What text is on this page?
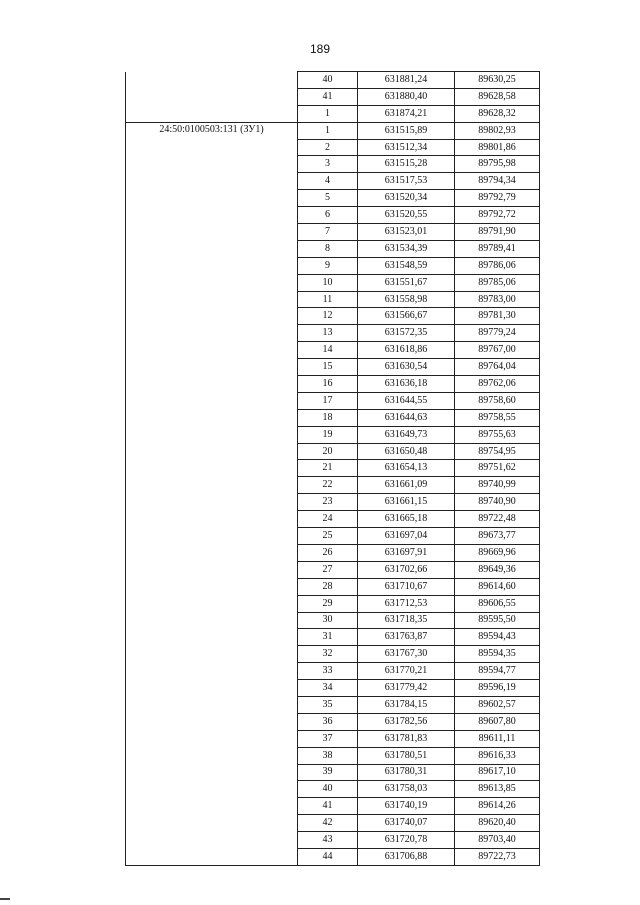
189
	40	631881,24	89630,25
	41	631880,40	89628,58
	1	631874,21	89628,32
24:50:0100503:131 (ЗУ1)	1	631515,89	89802,93
	2	631512,34	89801,86
	3	631515,28	89795,98
	4	631517,53	89794,34
	5	631520,34	89792,79
	6	631520,55	89792,72
	7	631523,01	89791,90
	8	631534,39	89789,41
	9	631548,59	89786,06
	10	631551,67	89785,06
	11	631558,98	89783,00
	12	631566,67	89781,30
	13	631572,35	89779,24
	14	631618,86	89767,00
	15	631630,54	89764,04
	16	631636,18	89762,06
	17	631644,55	89758,60
	18	631644,63	89758,55
	19	631649,73	89755,63
	20	631650,48	89754,95
	21	631654,13	89751,62
	22	631661,09	89740,99
	23	631661,15	89740,90
	24	631665,18	89722,48
	25	631697,04	89673,77
	26	631697,91	89669,96
	27	631702,66	89649,36
	28	631710,67	89614,60
	29	631712,53	89606,55
	30	631718,35	89595,50
	31	631763,87	89594,43
	32	631767,30	89594,35
	33	631770,21	89594,77
	34	631779,42	89596,19
	35	631784,15	89602,57
	36	631782,56	89607,80
	37	631781,83	89611,11
	38	631780,51	89616,33
	39	631780,31	89617,10
	40	631758,03	89613,85
	41	631740,19	89614,26
	42	631740,07	89620,40
	43	631720,78	89703,40
	44	631706,88	89722,73
